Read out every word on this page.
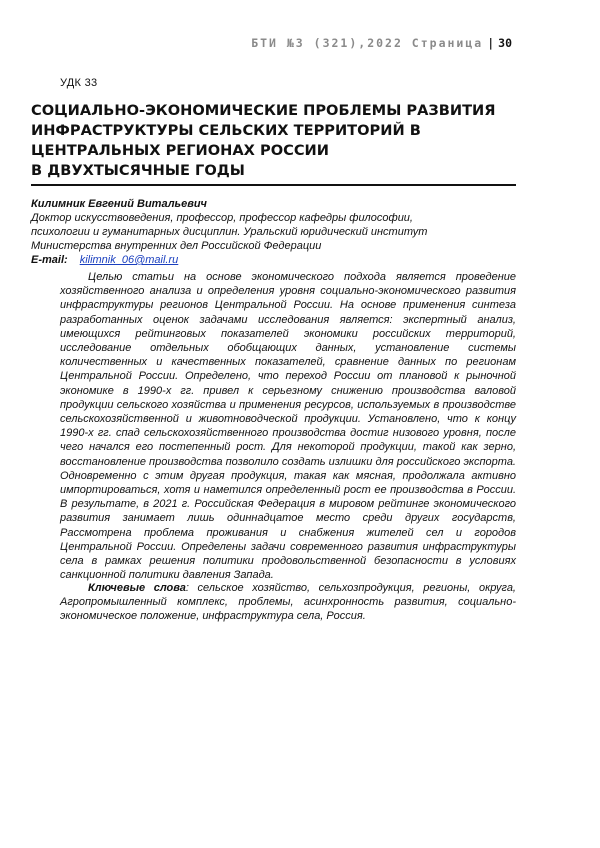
БТИ №3 (321),2022 Страница | 30
УДК 33
СОЦИАЛЬНО-ЭКОНОМИЧЕСКИЕ ПРОБЛЕМЫ РАЗВИТИЯ
ИНФРАСТРУКТУРЫ СЕЛЬСКИХ ТЕРРИТОРИЙ В
ЦЕНТРАЛЬНЫХ РЕГИОНАХ РОССИИ
В ДВУХТЫСЯЧНЫЕ ГОДЫ
Килимник Евгений Витальевич
Доктор искусствоведения, профессор, профессор кафедры философии,
психологии и гуманитарных дисциплин. Уральский юридический институт
Министерства внутренних дел Российской Федерации
E-mail: kilimnik_06@mail.ru

Целью статьи на основе экономического подхода является проведение хозяйственного анализа и определения уровня социально-экономического развития инфраструктуры регионов Центральной России. На основе применения синтеза разработанных оценок задачами исследования является: экспертный анализ, имеющихся рейтинговых показателей экономики российских территорий, исследование отдельных обобщающих данных, установление системы количественных и качественных показателей, сравнение данных по регионам Центральной России. Определено, что переход России от плановой к рыночной экономике в 1990-х гг. привел к серьезному снижению производства валовой продукции сельского хозяйства и применения ресурсов, используемых в производстве сельскохозяйственной и животноводческой продукции. Установлено, что к концу 1990-х гг. спад сельскохозяйственного производства достиг низового уровня, после чего начался его постепенный рост. Для некоторой продукции, такой как зерно, восстановление производства позволило создать излишки для российского экспорта. Одновременно с этим другая продукция, такая как мясная, продолжала активно импортироваться, хотя и наметился определенный рост ее производства в России. В результате, в 2021 г. Российская Федерация в мировом рейтинге экономического развития занимает лишь одиннадцатое место среди других государств, Рассмотрена проблема проживания и снабжения жителей сел и городов Центральной России. Определены задачи современного развития инфраструктуры села в рамках решения политики продовольственной безопасности в условиях санкционной политики давления Запада.

Ключевые слова: сельское хозяйство, сельхозпродукция, регионы, округа, Агропромышленный комплекс, проблемы, асинхронность развития, социально-экономическое положение, инфраструктура села, Россия.
